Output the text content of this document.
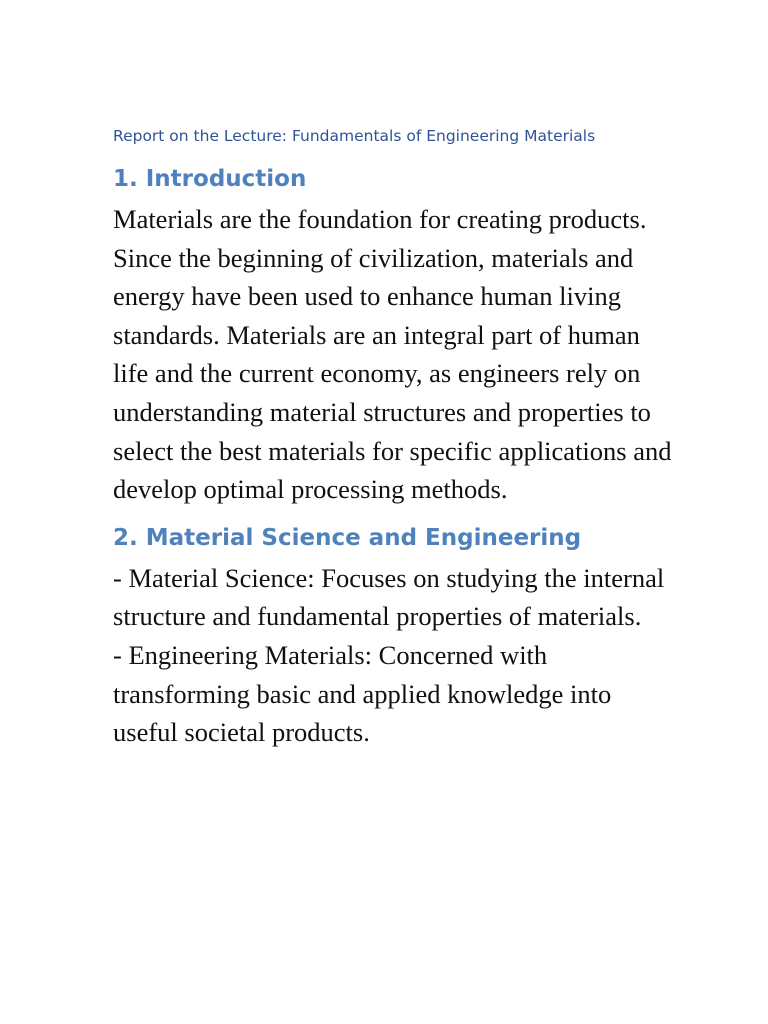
Report on the Lecture: Fundamentals of Engineering Materials
1. Introduction

Materials are the foundation for creating products. Since the beginning of civilization, materials and energy have been used to enhance human living standards. Materials are an integral part of human life and the current economy, as engineers rely on understanding material structures and properties to select the best materials for specific applications and develop optimal processing methods.

2. Material Science and Engineering

- Material Science: Focuses on studying the internal structure and fundamental properties of materials.

- Engineering Materials: Concerned with transforming basic and applied knowledge into useful societal products.
